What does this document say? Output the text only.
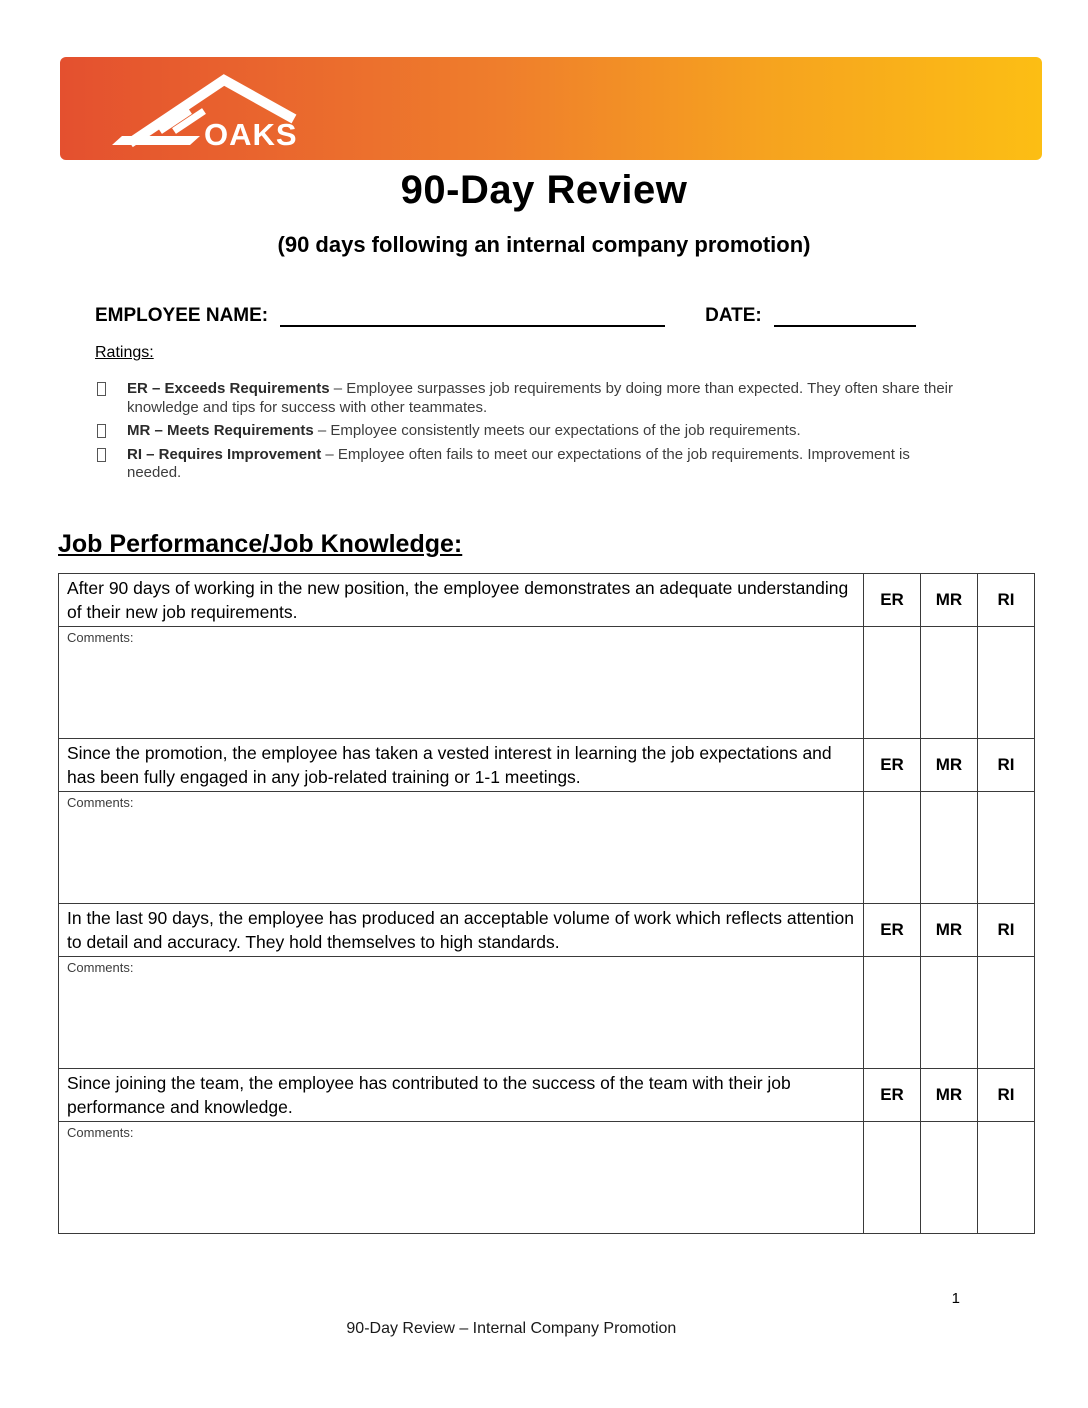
OAKS
90-Day Review
(90 days following an internal company promotion)
EMPLOYEE NAME:	DATE:
Ratings:
ER – Exceeds Requirements – Employee surpasses job requirements by doing more than expected. They often share their knowledge and tips for success with other teammates.
MR – Meets Requirements – Employee consistently meets our expectations of the job requirements.
RI – Requires Improvement – Employee often fails to meet our expectations of the job requirements. Improvement is needed.
Job Performance/Job Knowledge:
After 90 days of working in the new position, the employee demonstrates an adequate understanding of their new job requirements.	ER	MR	RI
Comments:			
Since the promotion, the employee has taken a vested interest in learning the job expectations and has been fully engaged in any job-related training or 1-1 meetings.	ER	MR	RI
Comments:			
In the last 90 days, the employee has produced an acceptable volume of work which reflects attention to detail and accuracy. They hold themselves to high standards.	ER	MR	RI
Comments:			
Since joining the team, the employee has contributed to the success of the team with their job performance and knowledge.	ER	MR	RI
Comments:			
1
90-Day Review – Internal Company Promotion
